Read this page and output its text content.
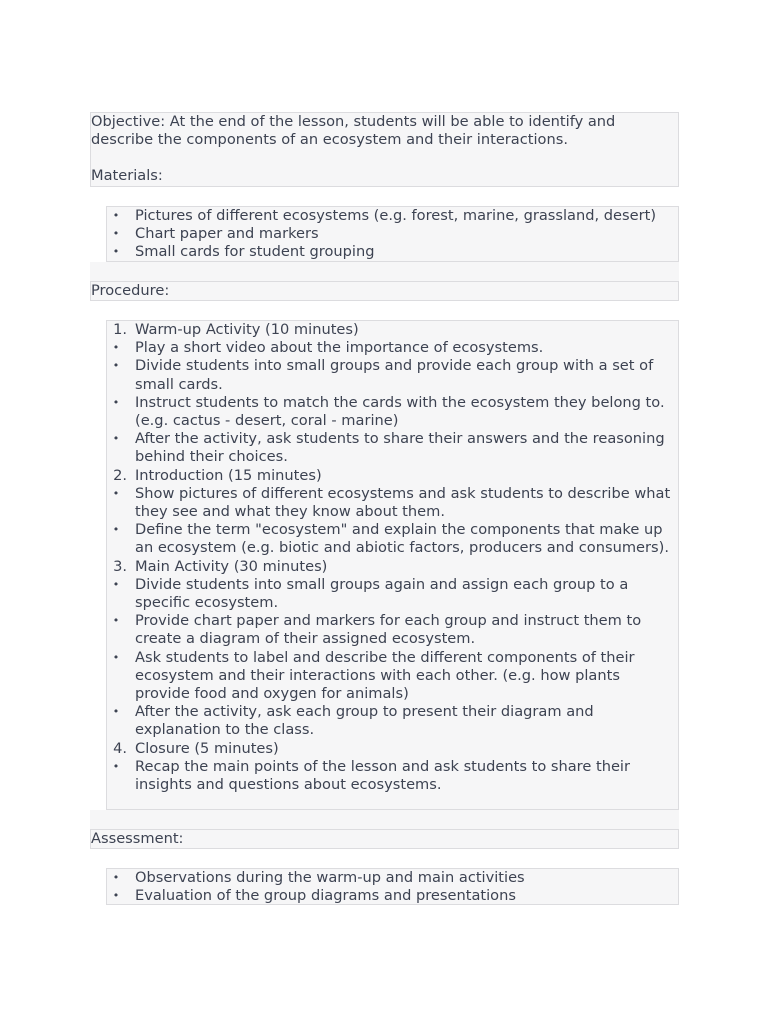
Objective: At the end of the lesson, students will be able to identify and describe the components of an ecosystem and their interactions.

Materials:

•	Pictures of different ecosystems (e.g. forest, marine, grassland, desert)
•	Chart paper and markers
•	Small cards for student grouping

Procedure:

1. Warm-up Activity (10 minutes)
•	Play a short video about the importance of ecosystems.
•	Divide students into small groups and provide each group with a set of small cards.
•	Instruct students to match the cards with the ecosystem they belong to. (e.g. cactus - desert, coral - marine)
•	After the activity, ask students to share their answers and the reasoning behind their choices.
2. Introduction (15 minutes)
•	Show pictures of different ecosystems and ask students to describe what they see and what they know about them.
•	Define the term "ecosystem" and explain the components that make up an ecosystem (e.g. biotic and abiotic factors, producers and consumers).
3. Main Activity (30 minutes)
•	Divide students into small groups again and assign each group to a specific ecosystem.
•	Provide chart paper and markers for each group and instruct them to create a diagram of their assigned ecosystem.
•	Ask students to label and describe the different components of their ecosystem and their interactions with each other. (e.g. how plants provide food and oxygen for animals)
•	After the activity, ask each group to present their diagram and explanation to the class.
4. Closure (5 minutes)
•	Recap the main points of the lesson and ask students to share their insights and questions about ecosystems.

Assessment:

•	Observations during the warm-up and main activities
•	Evaluation of the group diagrams and presentations
